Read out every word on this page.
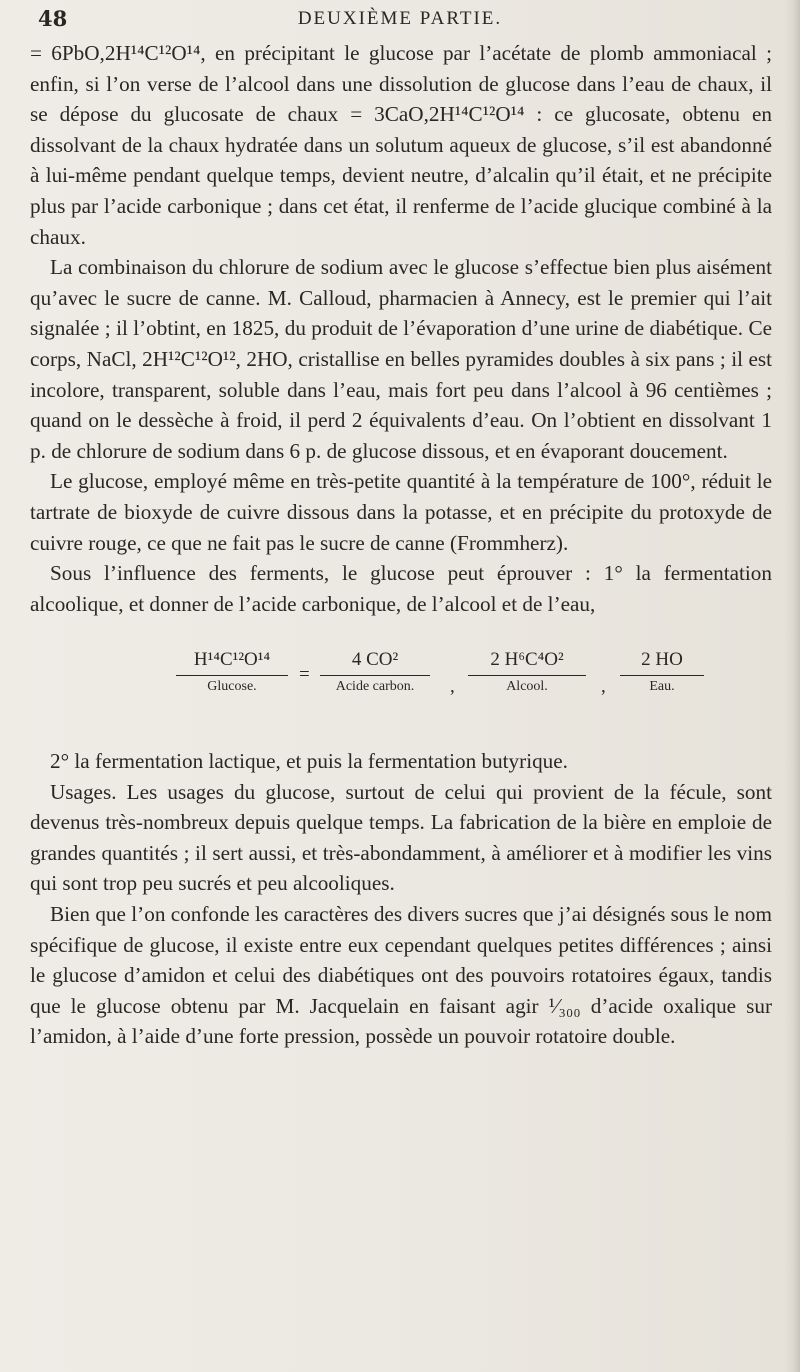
48	DEUXIÈME PARTIE.

= 6PbO,2H¹⁴C¹²O¹⁴, en précipitant le glucose par l’acétate de plomb ammoniacal ; enfin, si l’on verse de l’alcool dans une dissolution de glucose dans l’eau de chaux, il se dépose du glucosate de chaux = 3CaO,2H¹⁴C¹²O¹⁴ : ce glucosate, obtenu en dissolvant de la chaux hydratée dans un solutum aqueux de glucose, s’il est abandonné à lui-même pendant quelque temps, devient neutre, d’alcalin qu’il était, et ne précipite plus par l’acide carbonique ; dans cet état, il renferme de l’acide glucique combiné à la chaux.

La combinaison du chlorure de sodium avec le glucose s’effectue bien plus aisément qu’avec le sucre de canne. M. Calloud, pharmacien à Annecy, est le premier qui l’ait signalée ; il l’obtint, en 1825, du produit de l’évaporation d’une urine de diabétique. Ce corps, NaCl, 2H¹²C¹²O¹², 2HO, cristallise en belles pyramides doubles à six pans ; il est incolore, transparent, soluble dans l’eau, mais fort peu dans l’alcool à 96 centièmes ; quand on le dessèche à froid, il perd 2 équivalents d’eau. On l’obtient en dissolvant 1 p. de chlorure de sodium dans 6 p. de glucose dissous, et en évaporant doucement.

Le glucose, employé même en très-petite quantité à la température de 100°, réduit le tartrate de bioxyde de cuivre dissous dans la potasse, et en précipite du protoxyde de cuivre rouge, ce que ne fait pas le sucre de canne (Frommherz).

Sous l’influence des ferments, le glucose peut éprouver : 1° la fermentation alcoolique, et donner de l’acide carbonique, de l’alcool et de l’eau,

H¹⁴C¹²O¹⁴
Glucose.
=
4 CO²
Acide carbon.	,
2 H⁶C⁴O²
Alcool.	,
2 HO
Eau.

2° la fermentation lactique, et puis la fermentation butyrique.

Usages. Les usages du glucose, surtout de celui qui provient de la fécule, sont devenus très-nombreux depuis quelque temps. La fabrication de la bière en emploie de grandes quantités ; il sert aussi, et très-abondamment, à améliorer et à modifier les vins qui sont trop peu sucrés et peu alcooliques.

Bien que l’on confonde les caractères des divers sucres que j’ai désignés sous le nom spécifique de glucose, il existe entre eux cependant quelques petites différences ; ainsi le glucose d’amidon et celui des diabétiques ont des pouvoirs rotatoires égaux, tandis que le glucose obtenu par M. Jacquelain en faisant agir ¹⁄₃₀₀ d’acide oxalique sur l’amidon, à l’aide d’une forte pression, possède un pouvoir rotatoire double.
